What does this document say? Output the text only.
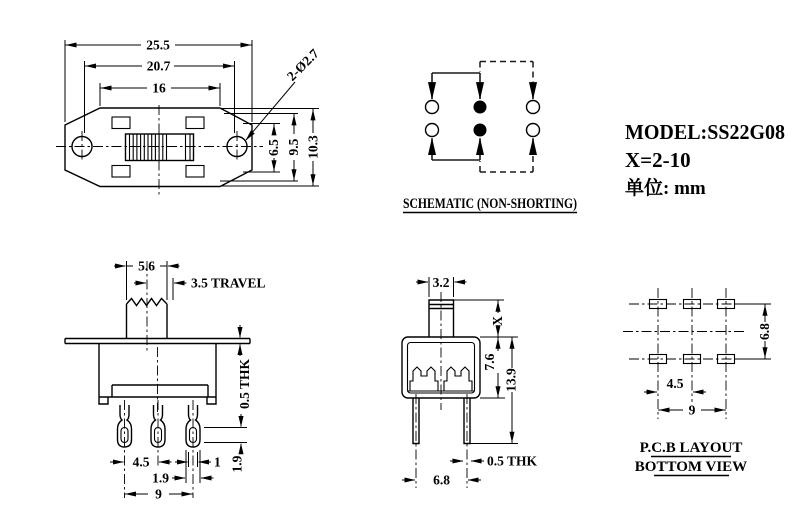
25.5
20.7
16
2-Ø2.7
6.5 9.5 10.3
SCHEMATIC (NON-SHORTING)
MODEL:SS22G08
X=2-10
单位: mm
5.6
3.5 TRAVEL
0.5 THK
4.5	1
1.9
9
1.9
3.2
X
7.6
13.9
0.5 THK
6.8
6.8
4.5
9
P.C.B LAYOUT
BOTTOM VIEW
